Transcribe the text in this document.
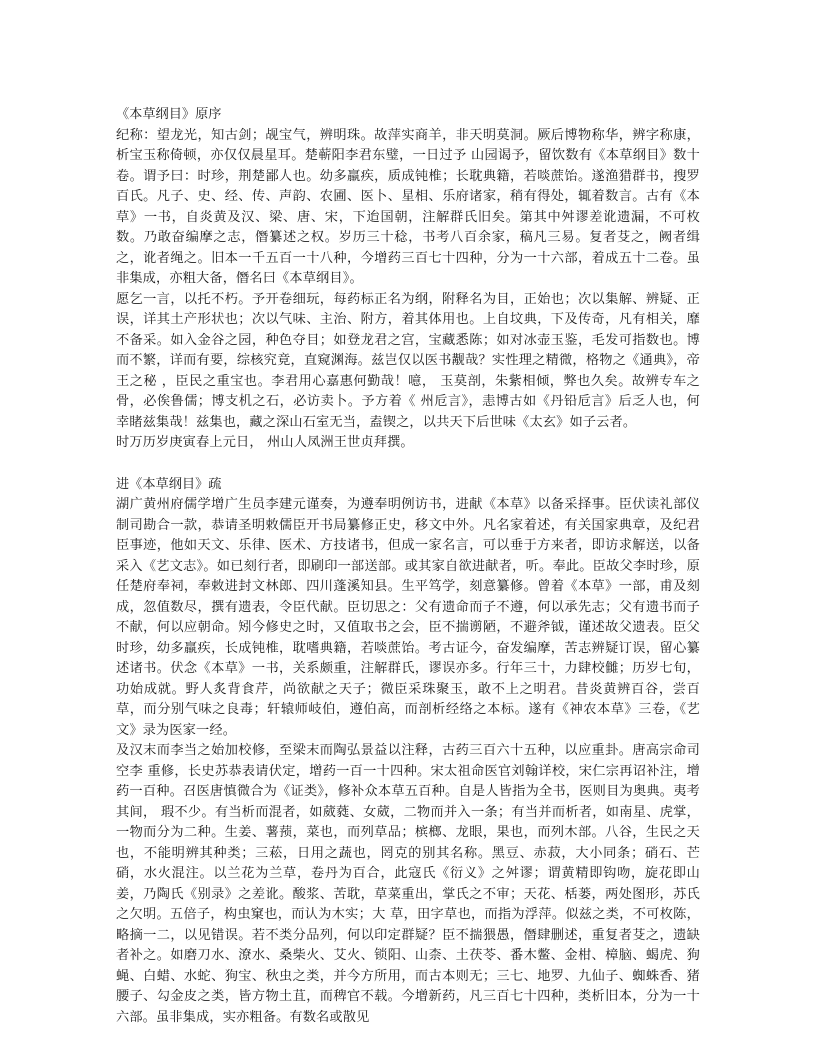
《本草纲目》原序

纪称：望龙光，知古剑；觇宝气，辨明珠。故萍实商羊，非天明莫洞。厥后博物称华，辨字称康，析宝玉称倚顿，亦仅仅晨星耳。楚蕲阳李君东璧，一日过予 山园谒予，留饮数有《本草纲目》数十卷。谓予曰：时珍，荆楚鄙人也。幼多羸疾，质成钝椎；长耽典籍，若啖蔗饴。遂渔猎群书，搜罗百氏。凡子、史、经、传、声韵、农圃、医卜、星相、乐府诸家，稍有得处，辄着数言。古有《本草》一书，自炎黄及汉、梁、唐、宋，下迨国朝，注解群氏旧矣。第其中舛谬差讹遗漏，不可枚数。乃敢奋编摩之志，僭纂述之权。岁历三十稔，书考八百余家，稿凡三易。复者芟之，阙者缉之，讹者绳之。旧本一千五百一十八种，今增药三百七十四种，分为一十六部，着成五十二卷。虽非集成，亦粗大备，僭名曰《本草纲目》。

愿乞一言，以托不朽。予开卷细玩，每药标正名为纲，附释名为目，正始也；次以集解、辨疑、正误，详其土产形状也；次以气味、主治、附方，着其体用也。上自坟典，下及传奇，凡有相关，靡不备采。如入金谷之园，种色夺目；如登龙君之宫，宝藏悉陈；如对冰壶玉鉴，毛发可指数也。博而不繁，详而有要，综核究竟，直窥渊海。兹岂仅以医书觏哉？实性理之精微，格物之《通典》，帝王之秘 ，臣民之重宝也。李君用心嘉惠何勤哉！噫， 玉莫剖，朱紫相倾，弊也久矣。故辨专车之骨，必俟鲁儒；博支机之石，必访卖卜。予方着《 州卮言》，恚博古如《丹铅卮言》后乏人也，何幸睹兹集哉！兹集也，藏之深山石室无当，盍锲之，以共天下后世味《太玄》如子云者。

时万历岁庚寅春上元日， 州山人凤洲王世贞拜撰。

进《本草纲目》疏

湖广黄州府儒学增广生员李建元谨奏，为遵奉明例访书，进献《本草》以备采择事。臣伏读礼部仪制司勘合一款，恭请圣明敕儒臣开书局纂修正史，移文中外。凡名家着述，有关国家典章，及纪君臣事迹，他如天文、乐律、医术、方技诸书，但成一家名言，可以垂于方来者，即访求解送，以备采入《艺文志》。如已刻行者，即刷印一部送部。或其家自欲进献者，听。奉此。臣故父李时珍，原任楚府奉祠，奉敕进封文林郎、四川蓬溪知县。生平笃学，刻意纂修。曾着《本草》一部，甫及刻成，忽值数尽，撰有遗表，令臣代献。臣切思之：父有遗命而子不遵，何以承先志；父有遗书而子不献，何以应朝命。矧今修史之时，又值取书之会，臣不揣谫陋，不避斧钺，谨述故父遗表。臣父时珍，幼多羸疾，长成钝椎，耽嗜典籍，若啖蔗饴。考古证今，奋发编摩，苦志辨疑订误，留心纂述诸书。伏念《本草》一书，关系颇重，注解群氏，谬误亦多。行年三十，力肆校雠；历岁七旬，功始成就。野人炙背食芹，尚欲献之天子；微臣采珠聚玉，敢不上之明君。昔炎黄辨百谷，尝百草，而分别气味之良毒；轩辕师岐伯，遵伯高，而剖析经络之本标。遂有《神农本草》三卷，《艺文》录为医家一经。

及汉末而李当之始加校修，至梁末而陶弘景益以注释，古药三百六十五种，以应重卦。唐高宗命司空李 重修，长史苏恭表请伏定，增药一百一十四种。宋太祖命医官刘翰详校，宋仁宗再诏补注，增药一百种。召医唐慎微合为《证类》，修补众本草五百种。自是人皆指为全书，医则目为奥典。夷考其间， 瑕不少。有当析而混者，如葳蕤、女葳，二物而并入一条；有当并而析者，如南星、虎掌，一物而分为二种。生姜、薯蓣，菜也，而列草品；槟榔、龙眼，果也，而列木部。八谷，生民之天也，不能明辨其种类；三菘，日用之蔬也，罔克的别其名称。黑豆、赤菽，大小同条；硝石、芒硝，水火混注。以兰花为兰草，卷丹为百合，此寇氏《衍义》之舛谬；谓黄精即钩吻，旋花即山姜，乃陶氏《别录》之差讹。酸浆、苦耽，草菜重出，掌氏之不审；天花、栝蒌，两处图形，苏氏之欠明。五倍子，构虫窠也，而认为木实；大 草，田字草也，而指为浮萍。似兹之类，不可枚陈，略摘一二，以见错误。若不类分品列，何以印定群疑？臣不揣猥愚，僭肆删述，重复者芟之，遗缺者补之。如磨刀水、潦水、桑柴火、艾火、锁阳、山柰、土茯苓、番木鳖、金柑、樟脑、蝎虎、狗蝇、白蜡、水蛇、狗宝、秋虫之类，并今方所用，而古本则无；三七、地罗、九仙子、蜘蛛香、猪腰子、勾金皮之类，皆方物土苴，而稗官不载。今增新药，凡三百七十四种，类析旧本，分为一十六部。虽非集成，实亦粗备。有数名或散见
